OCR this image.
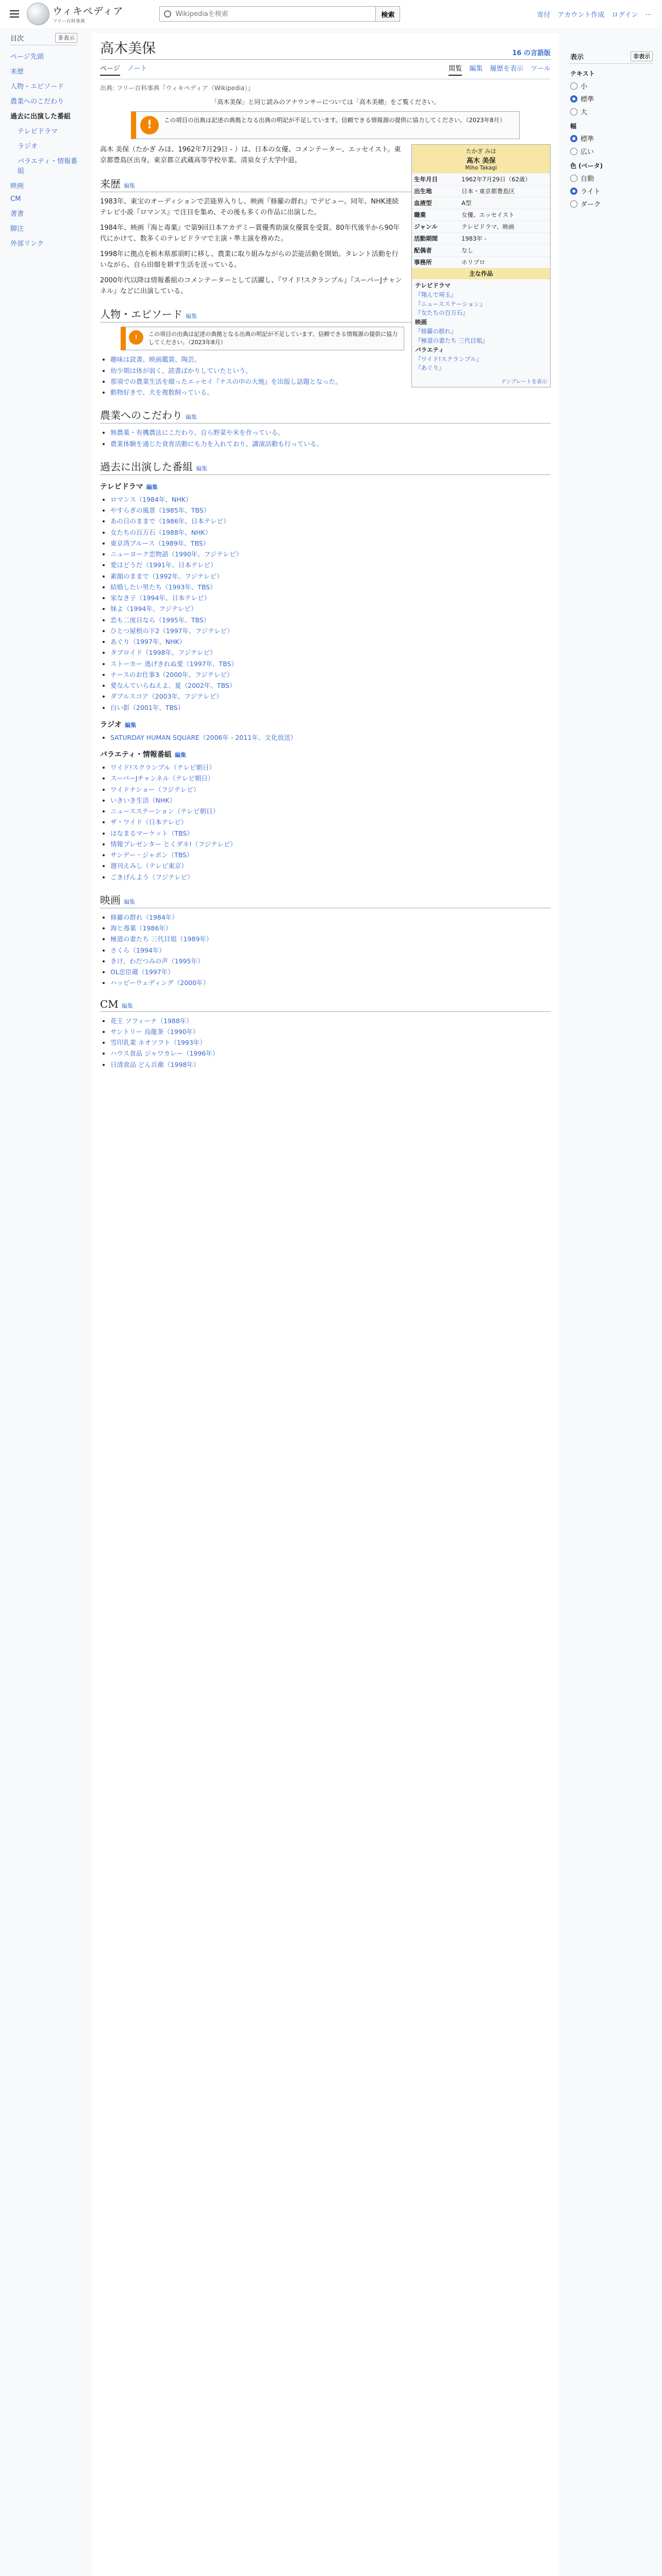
ウィキペディア
フリー百科事典
Wikipediaを検索
検索	寄付 アカウント作成 ログイン ...
目次	非表示
ページ先頭
来歴
人物・エピソード
農業へのこだわり
過去に出演した番組
テレビドラマ
ラジオ
バラエティ・情報番組
映画
CM
著書
脚注
外部リンク
表示	非表示
テキスト
小
標準
大
幅
標準
広い
色 (ベータ)
自動
ライト
ダーク
高木美保	16 の言語版
ページ ノート	閲覧 編集 履歴を表示 ツール
出典: フリー百科事典『ウィキペディア（Wikipedia）』
「高木美保」と同じ読みのアナウンサーについては「高木美穂」をご覧ください。
!	この項目の出典は記述の典拠となる出典の明記が不足しています。信頼できる情報源の提供に協力してください。（2023年8月）
たかぎ みほ
高木 美保
Miho Takagi
生年月日	1962年7月29日（62歳）
出生地	日本・東京都豊島区
血液型	A型
職業	女優、エッセイスト
ジャンル	テレビドラマ、映画
活動期間	1983年 -
配偶者	なし
事務所	ホリプロ
主な作品
テレビドラマ
『翔んで埼玉』
『ニュースステーション』
『女たちの百万石』
映画
『修羅の群れ』
『極道の妻たち 三代目姐』
バラエティ
『ワイド!スクランブル』
『あぐり』
テンプレートを表示

高木 美保（たかぎ みほ、1962年7月29日 - ）は、日本の女優、コメンテーター、エッセイスト。東京都豊島区出身。東京都立武蔵高等学校卒業、清泉女子大学中退。

来歴 編集

1983年、東宝のオーディションで芸能界入りし、映画『修羅の群れ』でデビュー。同年、NHK連続テレビ小説『ロマンス』で注目を集め、その後も多くの作品に出演した。

1984年、映画『海と毒薬』で第9回日本アカデミー賞優秀助演女優賞を受賞。80年代後半から90年代にかけて、数多くのテレビドラマで主演・準主演を務めた。

1998年に拠点を栃木県那須町に移し、農業に取り組みながらの芸能活動を開始。タレント活動を行いながら、自ら田畑を耕す生活を送っている。

2000年代以降は情報番組のコメンテーターとして活躍し、『ワイド!スクランブル』『スーパーJチャンネル』などに出演している。

人物・エピソード 編集
!	この項目の出典は記述の典拠となる出典の明記が不足しています。信頼できる情報源の提供に協力してください。（2023年8月）
• 趣味は読書、映画鑑賞、陶芸。
• 幼少期は体が弱く、読書ばかりしていたという。
• 那須での農業生活を綴ったエッセイ『ナスの中の大地』を出版し話題となった。
• 動物好きで、犬を複数飼っている。
農業へのこだわり 編集
• 無農薬・有機農法にこだわり、自ら野菜や米を作っている。
• 農業体験を通じた食育活動にも力を入れており、講演活動も行っている。
過去に出演した番組 編集
テレビドラマ 編集
• ロマンス（1984年、NHK）
• やすらぎの風景（1985年、TBS）
• あの日のままで（1986年、日本テレビ）
• 女たちの百万石（1988年、NHK）
• 東京湾ブルース（1989年、TBS）
• ニューヨーク恋物語（1990年、フジテレビ）
• 愛はどうだ（1991年、日本テレビ）
• 素顔のままで（1992年、フジテレビ）
• 結婚したい男たち（1993年、TBS）
• 家なき子（1994年、日本テレビ）
• 妹よ（1994年、フジテレビ）
• 恋も二度目なら（1995年、TBS）
• ひとつ屋根の下2（1997年、フジテレビ）
• あぐり（1997年、NHK）
• タブロイド（1998年、フジテレビ）
• ストーカー 逃げきれぬ愛（1997年、TBS）
• ナースのお仕事3（2000年、フジテレビ）
• 愛なんていらねえよ、夏（2002年、TBS）
• ダブルスコア（2003年、フジテレビ）
• 白い影（2001年、TBS）
ラジオ 編集
• SATURDAY HUMAN SQUARE（2006年 - 2011年、文化放送）
バラエティ・情報番組 編集
• ワイド!スクランブル（テレビ朝日）
• スーパーJチャンネル（テレビ朝日）
• ワイドナショー（フジテレビ）
• いきいき生活（NHK）
• ニュースステーション（テレビ朝日）
• ザ・ワイド（日本テレビ）
• はなまるマーケット（TBS）
• 情報プレゼンター とくダネ!（フジテレビ）
• サンデー・ジャポン（TBS）
• 週刊えみし（テレビ東京）
• ごきげんよう（フジテレビ）
映画 編集
• 修羅の群れ（1984年）
• 海と毒薬（1986年）
• 極道の妻たち 三代目姐（1989年）
• さくら（1994年）
• きけ、わだつみの声（1995年）
• OL忠臣蔵（1997年）
• ハッピーウェディング（2000年）
CM 編集
• 花王 ソフィーナ（1988年）
• サントリー 烏龍茶（1990年）
• 雪印乳業 ネオソフト（1993年）
• ハウス食品 ジャワカレー（1996年）
• 日清食品 どん兵衛（1998年）
